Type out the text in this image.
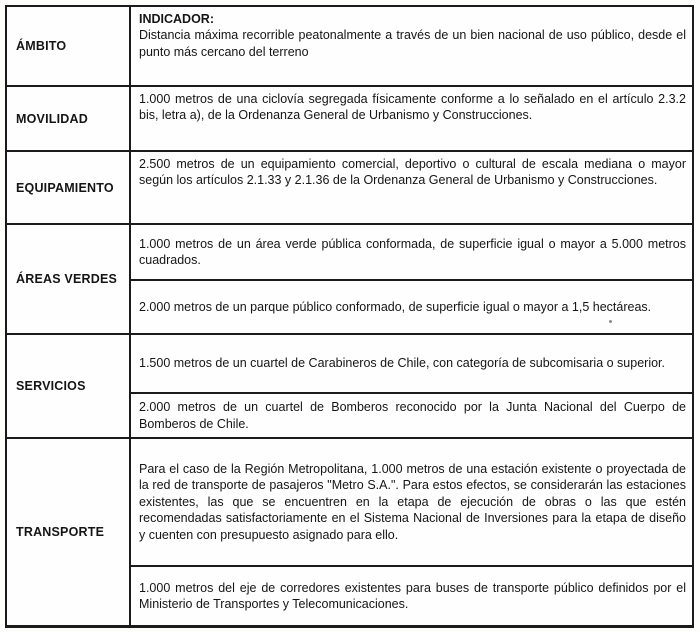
ÁMBITO
INDICADOR:
Distancia máxima recorrible peatonalmente a través de un bien nacional de uso público, desde el punto más cercano del terreno
MOVILIDAD
1.000 metros de una ciclovía segregada físicamente conforme a lo señalado en el artículo 2.3.2 bis, letra a), de la Ordenanza General de Urbanismo y Construcciones.
EQUIPAMIENTO
2.500 metros de un equipamiento comercial, deportivo o cultural de escala mediana o mayor según los artículos 2.1.33 y 2.1.36 de la Ordenanza General de Urbanismo y Construcciones.
ÁREAS VERDES
1.000 metros de un área verde pública conformada, de superficie igual o mayor a 5.000 metros cuadrados.
2.000 metros de un parque público conformado, de superficie igual o mayor a 1,5 hectáreas.
SERVICIOS
1.500 metros de un cuartel de Carabineros de Chile, con categoría de subcomisaria o superior.
2.000 metros de un cuartel de Bomberos reconocido por la Junta Nacional del Cuerpo de Bomberos de Chile.
TRANSPORTE
Para el caso de la Región Metropolitana, 1.000 metros de una estación existente o proyectada de la red de transporte de pasajeros "Metro S.A.". Para estos efectos, se considerarán las estaciones existentes, las que se encuentren en la etapa de ejecución de obras o las que estén recomendadas satisfactoriamente en el Sistema Nacional de Inversiones para la etapa de diseño y cuenten con presupuesto asignado para ello.
1.000 metros del eje de corredores existentes para buses de transporte público definidos por el Ministerio de Transportes y Telecomunicaciones.
